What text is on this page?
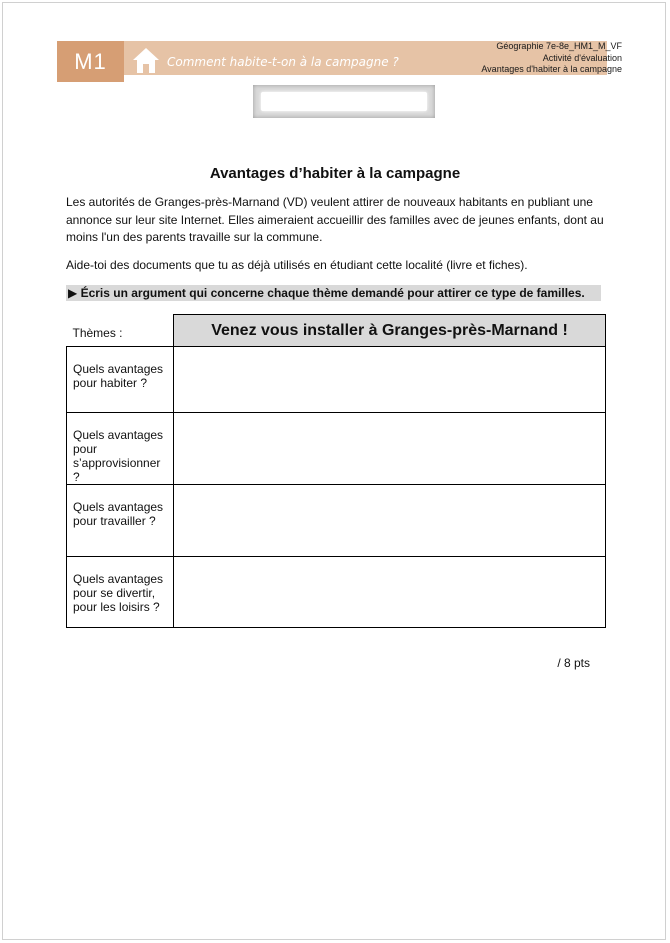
M1	Comment habite-t-on à la campagne ?
Géographie 7e-8e_HM1_M_VF
Activité d'évaluation
Avantages d'habiter à la campagne
Avantages d’habiter à la campagne

Les autorités de Granges-près-Marnand (VD) veulent attirer de nouveaux habitants en publiant une annonce sur leur site Internet. Elles aimeraient accueillir des familles avec de jeunes enfants, dont au moins l'un des parents travaille sur la commune.

Aide-toi des documents que tu as déjà utilisés en étudiant cette localité (livre et fiches).

▶ Écris un argument qui concerne chaque thème demandé pour attirer ce type de familles.
Thèmes :	Venez vous installer à Granges-près-Marnand !
Quels avantages pour habiter ?	
Quels avantages pour s’approvisionner ?	
Quels avantages pour travailler ?	
Quels avantages pour se divertir, pour les loisirs ?	
/ 8 pts
